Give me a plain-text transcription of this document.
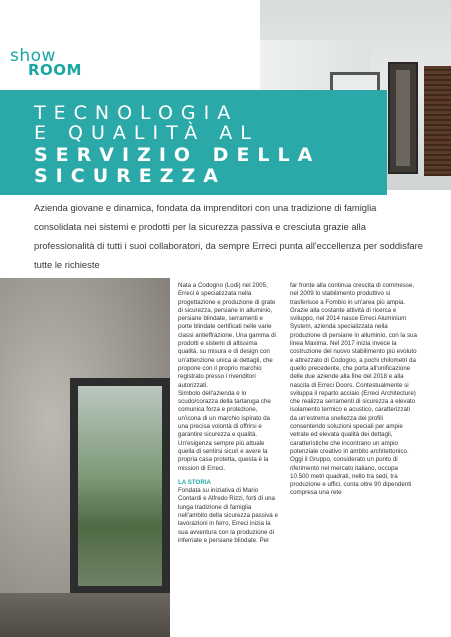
show
ROOM
TECNOLOGIA
E QUALITÀ AL
SERVIZIO DELLA
SICUREZZA

Azienda giovane e dinamica, fondata da imprenditori con una tradizione di famiglia consolidata nei sistemi e prodotti per la sicurezza passiva e cresciuta grazie alla professionalità di tutti i suoi collaboratori, da sempre Erreci punta all'eccellenza per soddisfare tutte le richieste

Nata a Codogno (Lodi) nel 2005, Erreci è specializzata nella progettazione e produzione di grate di sicurezza, persiane in alluminio, persiane blindate, serramenti e porte blindate certificati nelle varie classi antieffrazione. Una gamma di prodotti e sistemi di altissima qualità, su misura e di design con un'attenzione unica ai dettagli, che propone con il proprio marchio registrato presso i rivenditori autorizzati.

Simbolo dell'azienda è lo scudo/corazza della tartaruga che comunica forza e protezione, un'icona di un marchio ispirato da una precisa volontà di offrirsi e garantire sicurezza e qualità. Un'esigenza sempre più attuale quella di sentirsi sicuri e avere la propria casa protetta, questa è la mission di Erreci.

LA STORIA

Fondata su iniziativa di Mario Contardi e Alfredo Rizzi, forti di una lunga tradizione di famiglia nell'ambito della sicurezza passiva e lavorazioni in ferro, Erreci inizia la sua avventura con la produzione di inferriate e persiane blindate. Per

far fronte alla continua crescita di commesse, nel 2009 lo stabilimento produttivo si trasferisce a Fombio in un'area più ampia. Grazie alla costante attività di ricerca e sviluppo, nel 2014 nasce Erreci Aluminium System, azienda specializzata nella produzione di persiane in alluminio, con la sua linea Maxima. Nel 2017 inizia invece la costruzione del nuovo stabilimento più evoluto e attrezzato di Codogno, a pochi chilometri da quello precedente, che porta all'unificazione delle due aziende alla fine del 2018 e alla nascita di Erreci Doors. Contestualmente si sviluppa il reparto acciaio (Erreci Architecture) che realizza serramenti di sicurezza a elevato isolamento termico e acustico, caratterizzati da un'estrema snellezza dei profili consentendo soluzioni speciali per ampie vetrate ed elevata qualità dei dettagli, caratteristiche che incontrano un ampio potenziale creativo in ambito architettonico.

Oggi il Gruppo, considerato un punto di riferimento nel mercato italiano, occupa 10.500 metri quadrati, nello tra sedi, tra produzione e uffici, conta oltre 90 dipendenti compresa una rete
